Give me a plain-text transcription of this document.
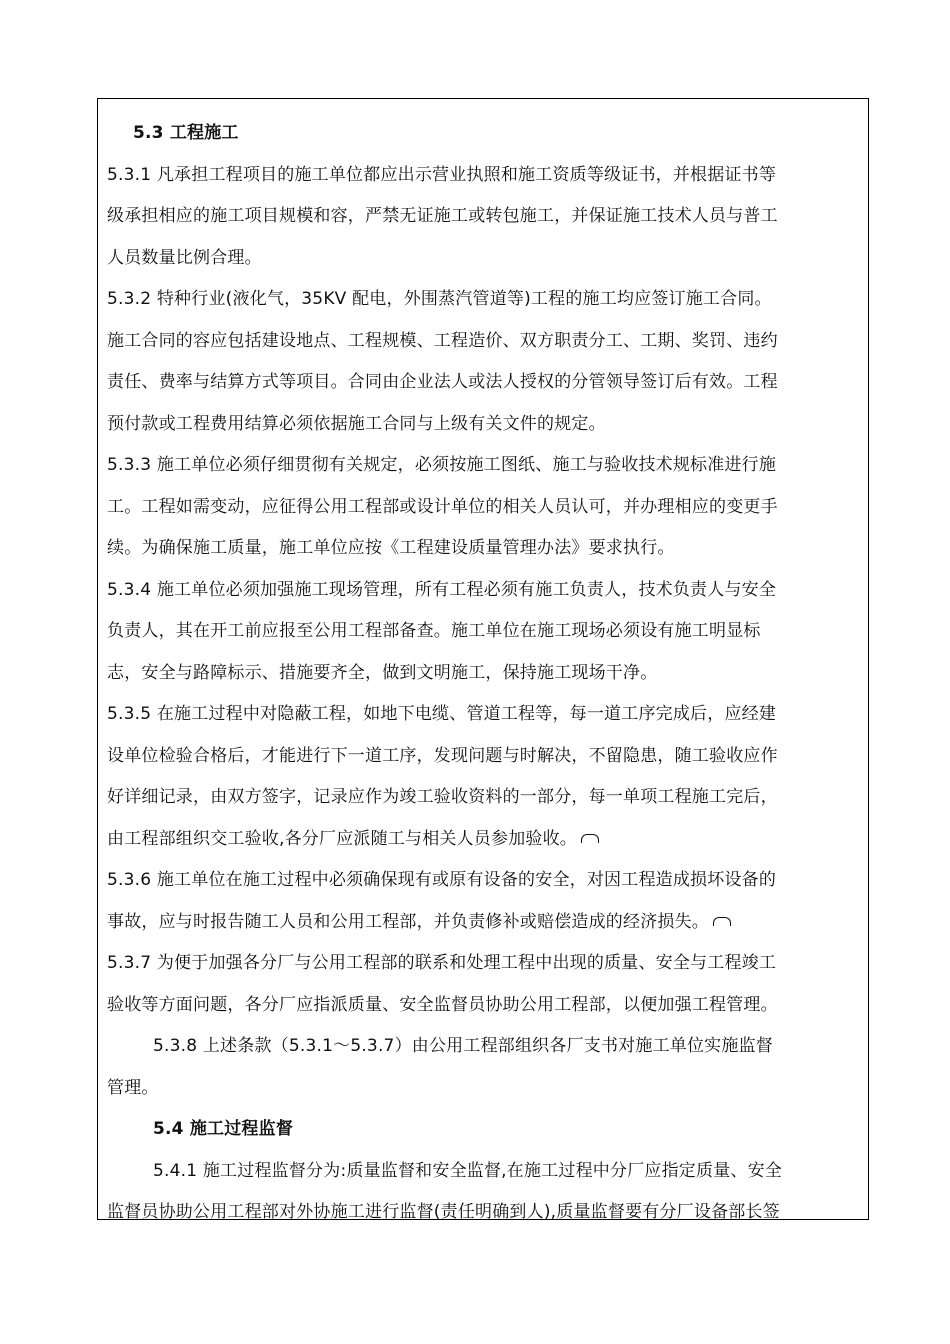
5.3 工程施工
5.3.1 凡承担工程项目的施工单位都应出示营业执照和施工资质等级证书，并根据证书等
级承担相应的施工项目规模和容，严禁无证施工或转包施工，并保证施工技术人员与普工
人员数量比例合理。
5.3.2 特种行业(液化气，35KV 配电，外围蒸汽管道等)工程的施工均应签订施工合同。
施工合同的容应包括建设地点、工程规模、工程造价、双方职责分工、工期、奖罚、违约
责任、费率与结算方式等项目。合同由企业法人或法人授权的分管领导签订后有效。工程
预付款或工程费用结算必须依据施工合同与上级有关文件的规定。
5.3.3 施工单位必须仔细贯彻有关规定，必须按施工图纸、施工与验收技术规标准进行施
工。工程如需变动，应征得公用工程部或设计单位的相关人员认可，并办理相应的变更手
续。为确保施工质量，施工单位应按《工程建设质量管理办法》要求执行。
5.3.4 施工单位必须加强施工现场管理，所有工程必须有施工负责人，技术负责人与安全
负责人，其在开工前应报至公用工程部备查。施工单位在施工现场必须设有施工明显标
志，安全与路障标示、措施要齐全，做到文明施工，保持施工现场干净。
5.3.5 在施工过程中对隐蔽工程，如地下电缆、管道工程等，每一道工序完成后，应经建
设单位检验合格后，才能进行下一道工序，发现问题与时解决，不留隐患，随工验收应作
好详细记录，由双方签字，记录应作为竣工验收资料的一部分，每一单项工程施工完后，
由工程部组织交工验收,各分厂应派随工与相关人员参加验收。
5.3.6 施工单位在施工过程中必须确保现有或原有设备的安全，对因工程造成损坏设备的
事故，应与时报告随工人员和公用工程部，并负责修补或赔偿造成的经济损失。
5.3.7 为便于加强各分厂与公用工程部的联系和处理工程中出现的质量、安全与工程竣工
验收等方面问题，各分厂应指派质量、安全监督员协助公用工程部，以便加强工程管理。
5.3.8 上述条款（5.3.1～5.3.7）由公用工程部组织各厂支书对施工单位实施监督
管理。
5.4 施工过程监督
5.4.1 施工过程监督分为:质量监督和安全监督,在施工过程中分厂应指定质量、安全
监督员协助公用工程部对外协施工进行监督(责任明确到人),质量监督要有分厂设备部长签
